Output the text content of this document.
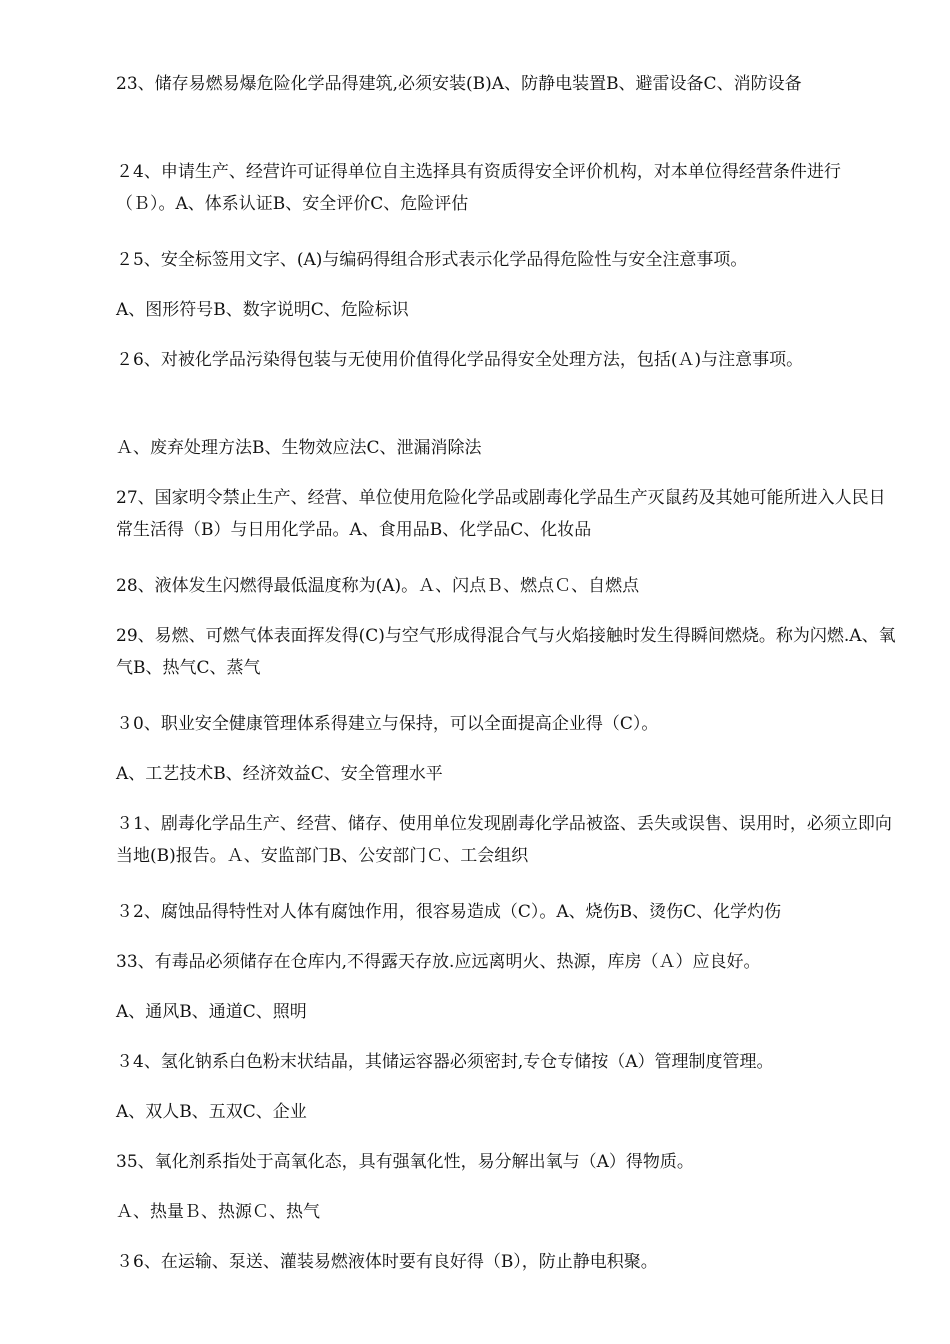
23、储存易燃易爆危险化学品得建筑,必须安装(B)A、防静电装置B、避雷设备C、消防设备

２4、申请生产、经营许可证得单位自主选择具有资质得安全评价机构，对本单位得经营条件进行（Ｂ）。A、体系认证B、安全评价C、危险评估

２5、安全标签用文字、(A)与编码得组合形式表示化学品得危险性与安全注意事项。

A、图形符号B、数字说明C、危险标识

２6、对被化学品污染得包装与无使用价值得化学品得安全处理方法，包括(Ａ)与注意事项。

Ａ、废弃处理方法B、生物效应法C、泄漏消除法

27、国家明令禁止生产、经营、单位使用危险化学品或剧毒化学品生产灭鼠药及其她可能所进入人民日常生活得（B）与日用化学品。A、食用品B、化学品C、化妆品

28、液体发生闪燃得最低温度称为(A)。Ａ、闪点Ｂ、燃点Ｃ、自燃点

29、易燃、可燃气体表面挥发得(C)与空气形成得混合气与火焰接触时发生得瞬间燃烧。称为闪燃.A、氧气B、热气C、蒸气

３0、职业安全健康管理体系得建立与保持，可以全面提高企业得（C）。

A、工艺技术B、经济效益C、安全管理水平

３1、剧毒化学品生产、经营、储存、使用单位发现剧毒化学品被盗、丢失或误售、误用时，必须立即向当地(B)报告。Ａ、安监部门B、公安部门Ｃ、工会组织

３2、腐蚀品得特性对人体有腐蚀作用，很容易造成（C）。A、烧伤B、烫伤C、化学灼伤

33、有毒品必须储存在仓库内,不得露天存放.应远离明火、热源，库房（Ａ）应良好。

A、通风B、通道C、照明

３4、氢化钠系白色粉末状结晶，其储运容器必须密封,专仓专储按（A）管理制度管理。

A、双人B、五双C、企业

35、氧化剂系指处于高氧化态，具有强氧化性，易分解出氧与（A）得物质。

Ａ、热量Ｂ、热源Ｃ、热气

３6、在运输、泵送、灌装易燃液体时要有良好得（B），防止静电积聚。
